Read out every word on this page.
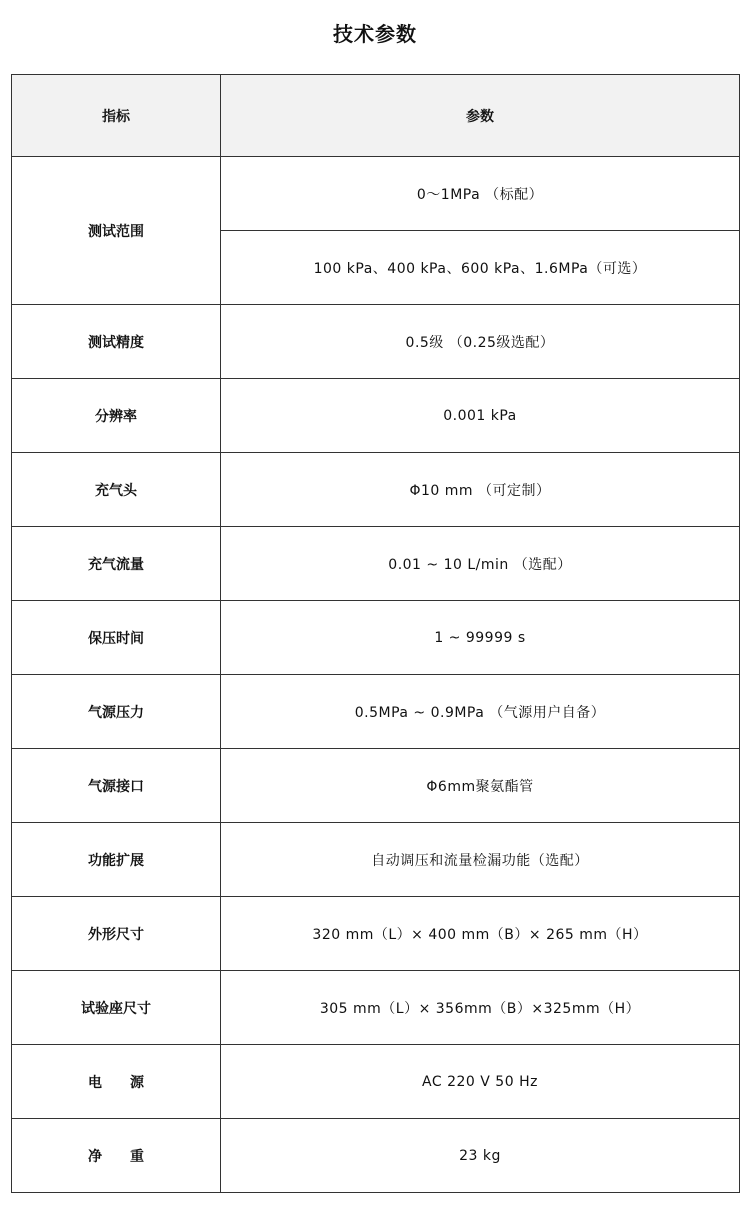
技术参数
指标	参数
测试范围	0～1MPa （标配）
	100 kPa、400 kPa、600 kPa、1.6MPa（可选）
测试精度	0.5级 （0.25级选配）
分辨率	0.001 kPa
充气头	Φ10 mm （可定制）
充气流量	0.01 ~ 10 L/min （选配）
保压时间	1 ~ 99999 s
气源压力	0.5MPa ~ 0.9MPa （气源用户自备）
气源接口	Φ6mm聚氨酯管
功能扩展	自动调压和流量检漏功能（选配）
外形尺寸	320 mm（L）× 400 mm（B）× 265 mm（H）
试验座尺寸	305 mm（L）× 356mm（B）×325mm（H）
电　　源	AC 220 V 50 Hz
净　　重	23 kg
